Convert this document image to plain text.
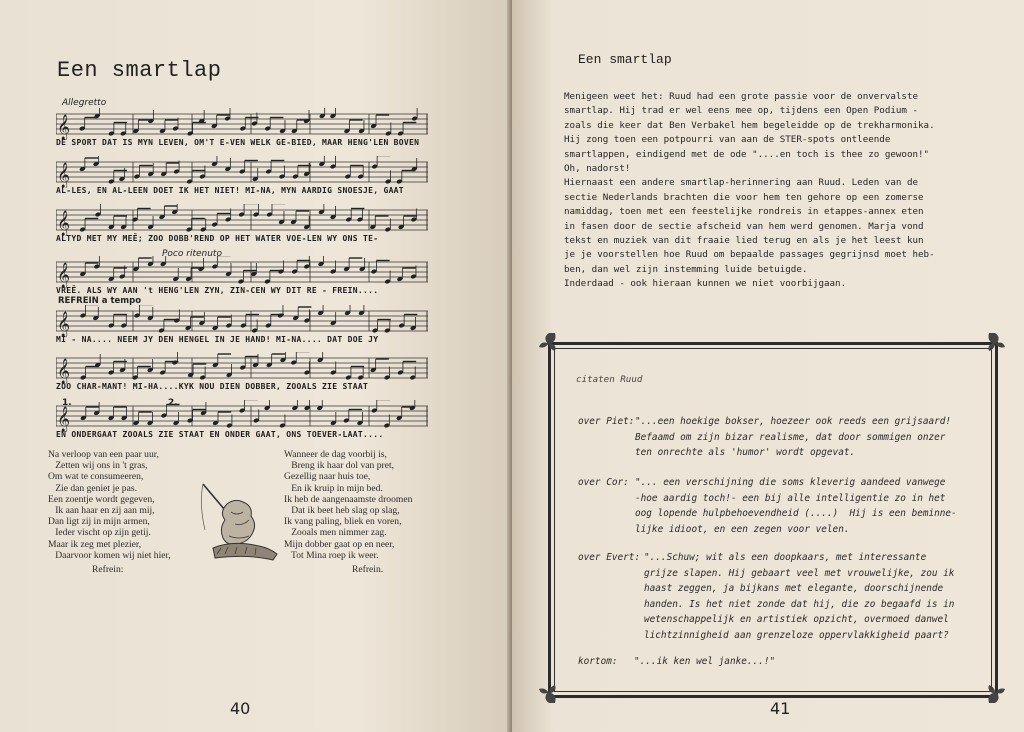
Een smartlap
Allegretto
Poco ritenuto
REFREIN a tempo
𝄞
DE SPORT DAT IS MYN LEVEN, OM'T E-VEN WELK GE-BIED, MAAR HENG'LEN BOVEN
𝄞
AL-LES, EN AL-LEEN DOET IK HET NIET! MI-NA, MYN AARDIG SNOESJE, GAAT
𝄞
ALTYD MET MY MEĒ; ZOO DOBB'REND OP HET WATER VOE-LEN WY ONS TE-
𝄞
VREĒ. ALS WY AAN 't HENG'LEN ZYN, ZIN-CEN WY DIT RE - FREIN....
𝄞
MI - NA.... NEEM JY DEN HENGEL IN JE HAND! MI-NA.... DAT DOE JY
𝄞
ZOO CHAR-MANT! MI-HA....KYK NOU DIEN DOBBER, ZOOALS ZIE STAAT
𝄞
EN ONDERGAAT ZOOALS ZIE STAAT EN ONDER GAAT, ONS TOEVER-LAAT....
1.	2.
Na verloop van een paar uur,
Zetten wij ons in 't gras,
Om wat te consumeeren,
Zie dan geniet je pas.
Een zoentje wordt gegeven,
Ik aan haar en zij aan mij,
Dan ligt zij in mijn armen,
Ieder vischt op zijn getij.
Maar ik zeg met plezier,
Daarvoor komen wij niet hier,
Wanneer de dag voorbij is,
Breng ik haar dol van pret,
Gezellig naar huis toe,
En ik kruip in mijn bed.
Ik heb de aangenaamste droomen
Dat ik beet heb slag op slag,
Ik vang paling, bliek en voren,
Zooals men nimmer zag.
Mijn dobber gaat op en neer,
Tot Mina roep ik weer.
Refrein:	Refrein.
40
Een smartlap
Menigeen weet het: Ruud had een grote passie voor de onvervalste
smartlap. Hij trad er wel eens mee op, tijdens een Open Podium -
zoals die keer dat Ben Verbakel hem begeleidde op de trekharmonika.
Hij zong toen een potpourri van aan de STER-spots ontleende
smartlappen, eindigend met de ode "....en toch is thee zo gewoon!"
Oh, nadorst!
Hiernaast een andere smartlap-herinnering aan Ruud. Leden van de
sectie Nederlands brachten die voor hem ten gehore op een zomerse
namiddag, toen met een feestelijke rondreis in etappes-annex eten
in fasen door de sectie afscheid van hem werd genomen. Marja vond
tekst en muziek van dit fraaie lied terug en als je het leest kun
je je voorstellen hoe Ruud om bepaalde passages gegrijnsd moet heb-
ben, dan wel zijn instemming luide betuigde.
Inderdaad - ook hieraan kunnen we niet voorbijgaan.
citaten Ruud
over Piet: "...een hoekige bokser, hoezeer ook reeds een grijsaard!
Befaamd om zijn bizar realisme, dat door sommigen onzer
ten onrechte als 'humor' wordt opgevat.
over Cor: "... een verschijning die soms kleverig aandeed vanwege
-hoe aardig toch!- een bij alle intelligentie zo in het
oog lopende hulpbehoevendheid (....)  Hij is een beminne-
lijke idioot, en een zegen voor velen.
over Evert: "...Schuw; wit als een doopkaars, met interessante
grijze slapen. Hij gebaart veel met vrouwelijke, zou ik
haast zeggen, ja bijkans met elegante, doorschijnende
handen. Is het niet zonde dat hij, die zo begaafd is in
wetenschappelijk en artistiek opzicht, overmoed danwel
lichtzinnigheid aan grenzeloze oppervlakkigheid paart?
kortom: "...ik ken wel janke...!"
41
